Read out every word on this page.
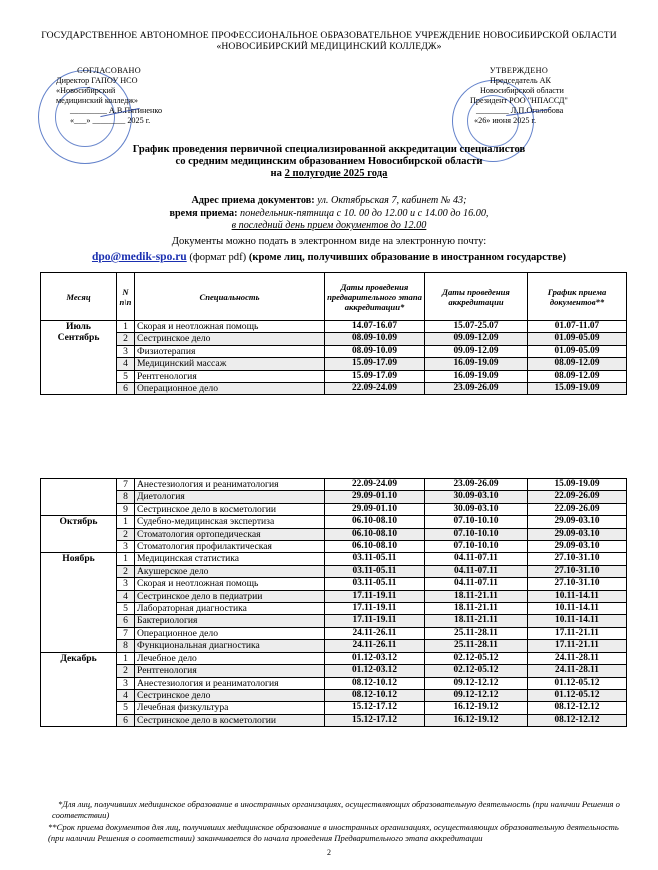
ГОСУДАРСТВЕННОЕ АВТОНОМНОЕ ПРОФЕССИОНАЛЬНОЕ ОБРАЗОВАТЕЛЬНОЕ УЧРЕЖДЕНИЕ НОВОСИБИРСКОЙ ОБЛАСТИ
«НОВОСИБИРСКИЙ МЕДИЦИНСКИЙ КОЛЛЕДЖ»
СОГЛАСОВАНО
Директор ГАПОУ НСО
«Новосибирский
медицинский колледж»
_________ А.В.Пятиненко
«___» ________ 2025 г.
УТВЕРЖДЕНО
Председатель АК
Новосибирской области
Президент РОО "НПАССД"
________ Л.П.Оголобова
«26» июня 2025 г.
График проведения первичной специализированной аккредитации специалистов
со средним медицинским образованием Новосибирской области
на 2 полугодие 2025 года
Адрес приема документов: ул. Октябрьская 7, кабинет № 43;
время приема: понедельник-пятница с 10. 00 до 12.00 и с 14.00 до 16.00,
в последний день прием документов до 12.00
Документы можно подать в электронном виде на электронную почту:
dpo@medik-spo.ru (формат pdf) (кроме лиц, получивших образование в иностранном государстве)
Месяц	N п\п	Специальность	Даты проведения предварительного этапа аккредитации*	Даты проведения аккредитации	График приема документов**

Июль
Сентябрь	1	Скорая и неотложная помощь	14.07-16.07	15.07-25.07	01.07-11.07
	2	Сестринское дело	08.09-10.09	09.09-12.09	01.09-05.09
	3	Физиотерапия	08.09-10.09	09.09-12.09	01.09-05.09
	4	Медицинский массаж	15.09-17.09	16.09-19.09	08.09-12.09
	5	Рентгенология	15.09-17.09	16.09-19.09	08.09-12.09
	6	Операционное дело	22.09-24.09	23.09-26.09	15.09-19.09
	7	Анестезиология и реаниматология	22.09-24.09	23.09-26.09	15.09-19.09
	8	Диетология	29.09-01.10	30.09-03.10	22.09-26.09
	9	Сестринское дело в косметологии	29.09-01.10	30.09-03.10	22.09-26.09

Октябрь	1	Судебно-медицинская экспертиза	06.10-08.10	07.10-10.10	29.09-03.10
	2	Стоматология ортопедическая	06.10-08.10	07.10-10.10	29.09-03.10
	3	Стоматология профилактическая	06.10-08.10	07.10-10.10	29.09-03.10

Ноябрь	1	Медицинская статистика	03.11-05.11	04.11-07.11	27.10-31.10
	2	Акушерское дело	03.11-05.11	04.11-07.11	27.10-31.10
	3	Скорая и неотложная помощь	03.11-05.11	04.11-07.11	27.10-31.10
	4	Сестринское дело в педиатрии	17.11-19.11	18.11-21.11	10.11-14.11
	5	Лабораторная диагностика	17.11-19.11	18.11-21.11	10.11-14.11
	6	Бактериология	17.11-19.11	18.11-21.11	10.11-14.11
	7	Операционное дело	24.11-26.11	25.11-28.11	17.11-21.11
	8	Функциональная диагностика	24.11-26.11	25.11-28.11	17.11-21.11

Декабрь	1	Лечебное дело	01.12-03.12	02.12-05.12	24.11-28.11
	2	Рентгенология	01.12-03.12	02.12-05.12	24.11-28.11
	3	Анестезиология и реаниматология	08.12-10.12	09.12-12.12	01.12-05.12
	4	Сестринское дело	08.12-10.12	09.12-12.12	01.12-05.12
	5	Лечебная физкультура	15.12-17.12	16.12-19.12	08.12-12.12
	6	Сестринское дело в косметологии	15.12-17.12	16.12-19.12	08.12-12.12
*Для лиц, получивших медицинское образование в иностранных организациях, осуществляющих образовательную деятельность (при наличии Решения о соответствии)
**Срок приема документов для лиц, получивших медицинское образование в иностранных организациях, осуществляющих образовательную деятельность (при наличии Решения о соответствии) заканчивается до начала проведения Предварительного этапа аккредитации
2
